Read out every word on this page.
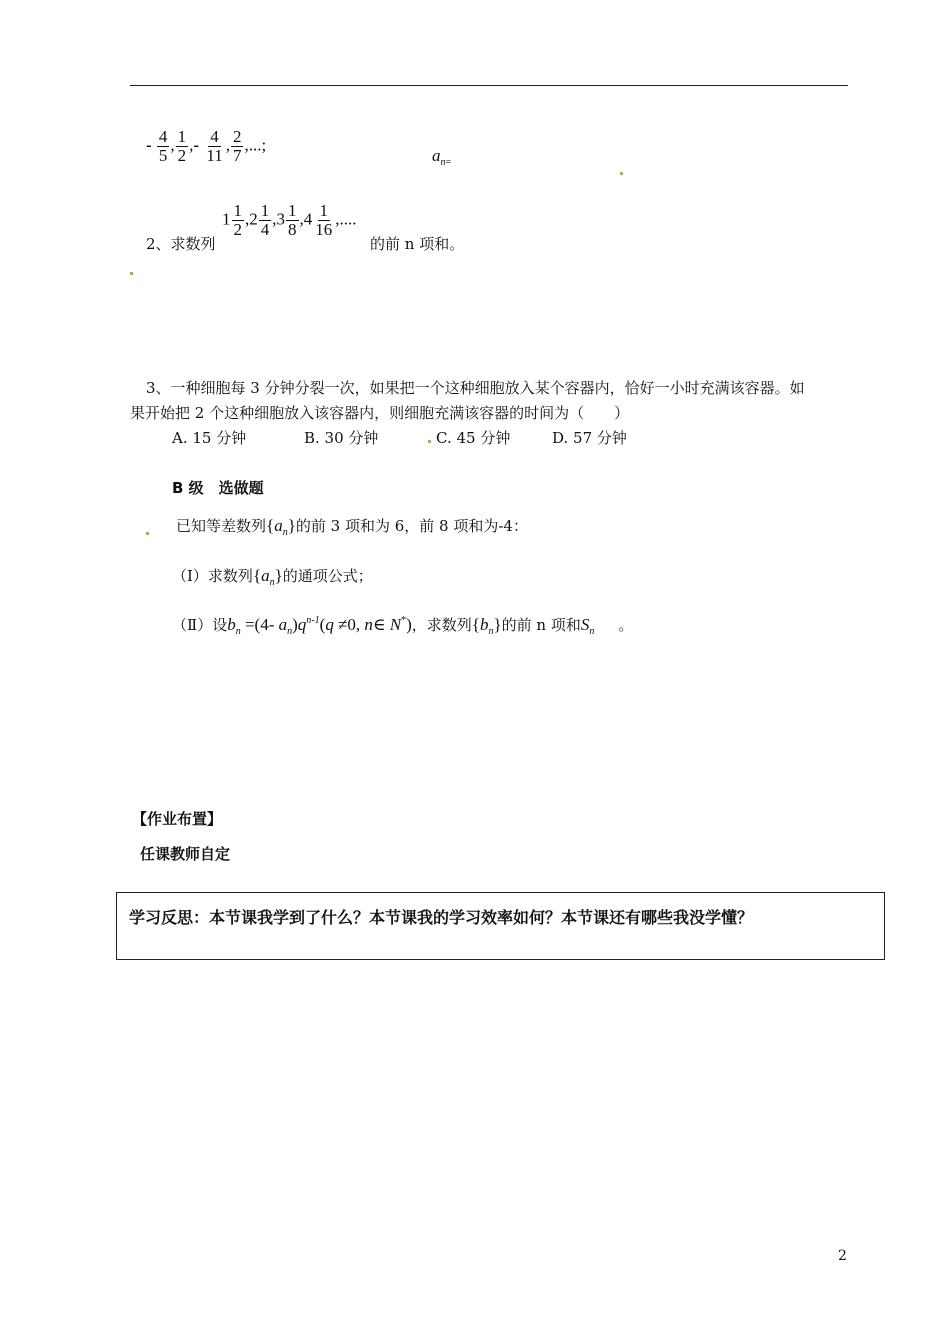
- $\frac{4}{5}$ , $\frac{1}{2}$ ,- $\frac{4}{11}$ , $\frac{2}{7}$ ,...;
$a_{n=}$
2、求数列
$1 \frac{1}{2} ,2 \frac{1}{4} ,3 \frac{1}{8} ,4 \frac{1}{16}$ ,....
的前 n 项和。
3、一种细胞每 3 分钟分裂一次，如果把一个这种细胞放入某个容器内，恰好一小时充满该容器。如
果开始把 2 个这种细胞放入该容器内，则细胞充满该容器的时间为（　　）
A. 15 分钟	B. 30 分钟	C. 45 分钟	D. 57 分钟
B 级　选做题
已知等差数列$\{a_n\}$的前 3 项和为 6，前 8 项和为-4：
（Ⅰ）求数列$\{a_n\}$的通项公式；
（Ⅱ）设$b_n =(4-$ $a_n)q^{n-1}(q \ne 0$, n∈ N*)，求数列$\{b_n\}$的前 n 项和$S_n$ 。
【作业布置】
任课教师自定
学习反思：本节课我学到了什么？本节课我的学习效率如何？本节课还有哪些我没学懂？
2
